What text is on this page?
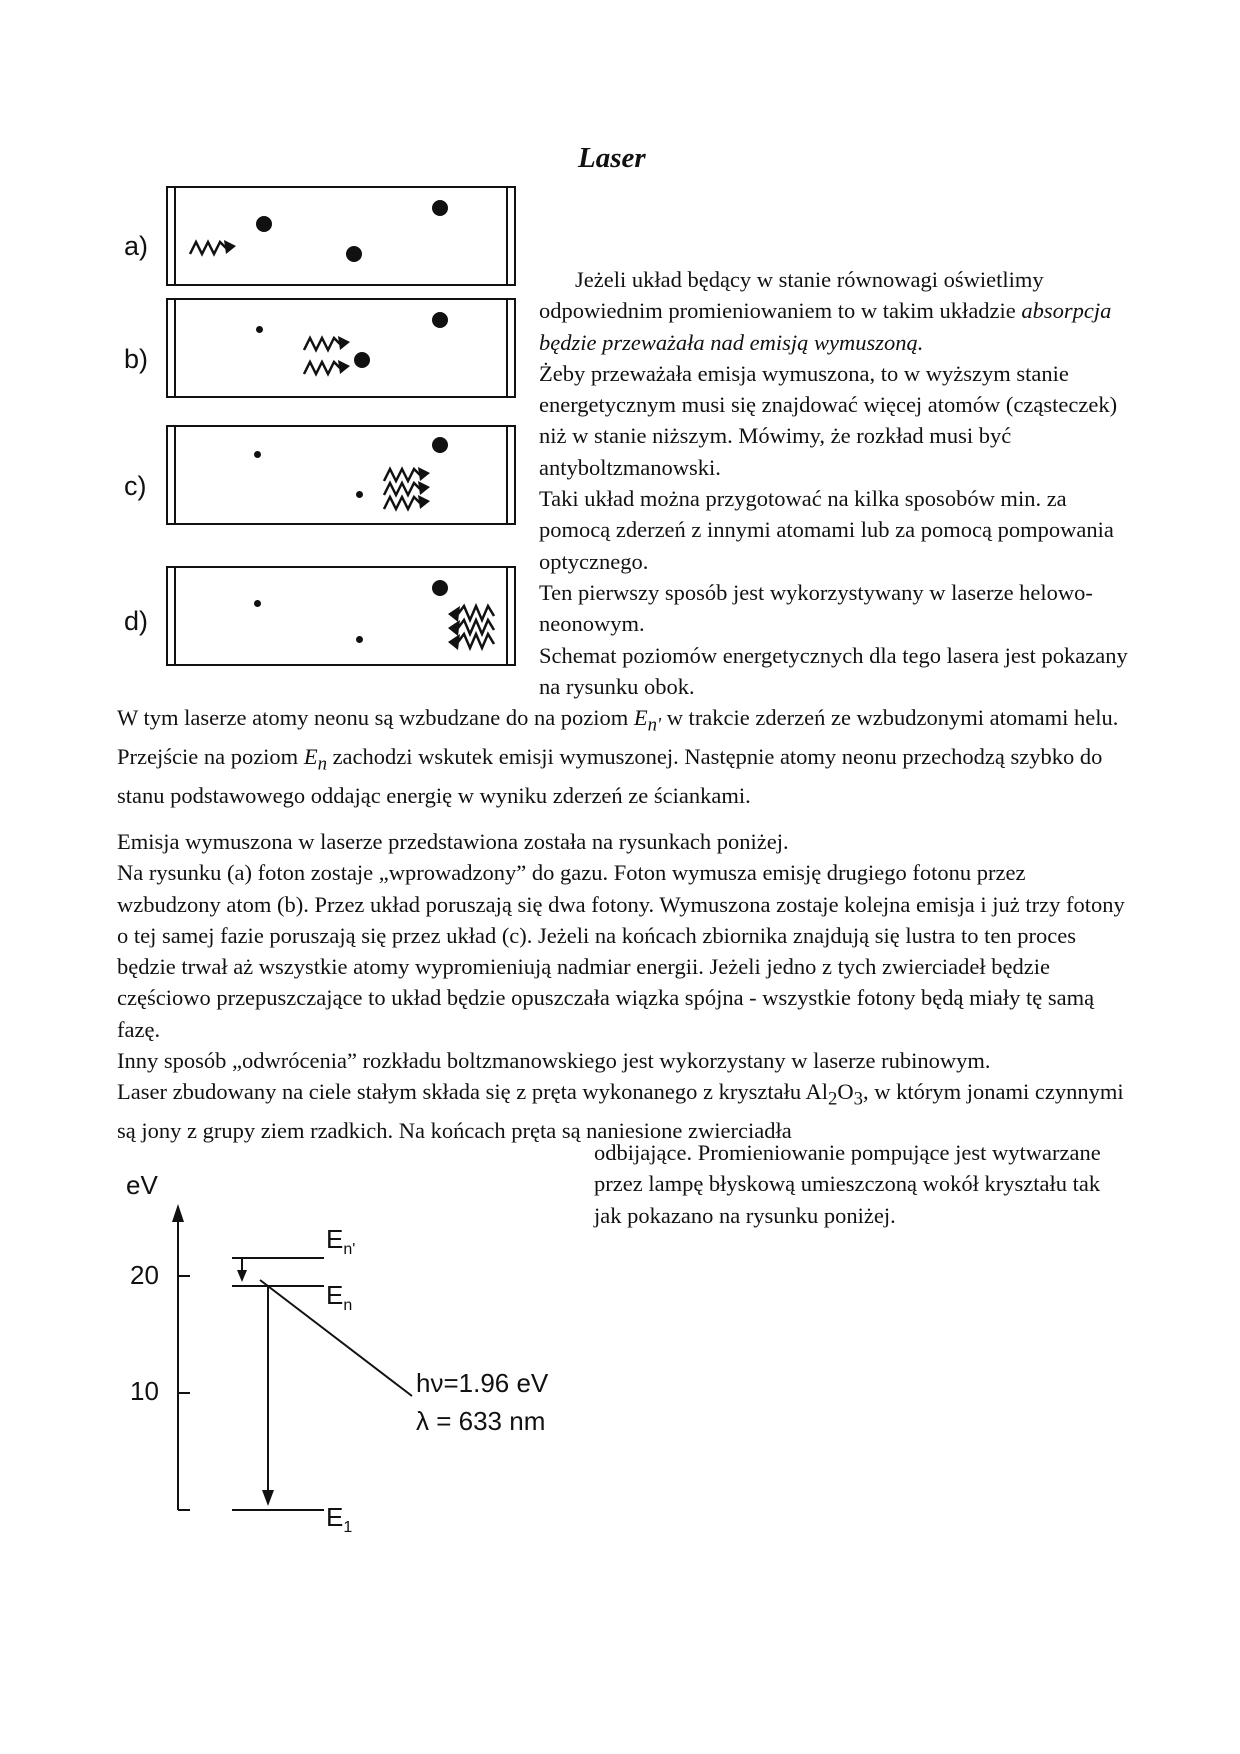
Laser
a)
b)
c)
d)
Jeżeli układ będący w stanie równowagi oświetlimy odpowiednim promieniowaniem to w takim układzie absorpcja będzie przeważała nad emisją wymuszoną.
Żeby przeważała emisja wymuszona, to w wyższym stanie energetycznym musi się znajdować więcej atomów (cząsteczek) niż w stanie niższym. Mówimy, że rozkład musi być antyboltzmanowski.
Taki układ można przygotować na kilka sposobów min. za pomocą zderzeń z innymi atomami lub za pomocą pompowania optycznego.
Ten pierwszy sposób jest wykorzystywany w laserze helowo-neonowym.
Schemat poziomów energetycznych dla tego lasera jest pokazany na rysunku obok.
W tym laserze atomy neonu są wzbudzane do na poziom $E_{n'}$ w trakcie zderzeń ze wzbudzonymi atomami helu. Przejście na poziom $E_n$ zachodzi wskutek emisji wymuszonej. Następnie atomy neonu przechodzą szybko do stanu podstawowego oddając energię w wyniku zderzeń ze ściankami.
Emisja wymuszona w laserze przedstawiona została na rysunkach poniżej.
Na rysunku (a) foton zostaje „wprowadzony” do gazu. Foton wymusza emisję drugiego fotonu przez wzbudzony atom (b). Przez układ poruszają się dwa fotony. Wymuszona zostaje kolejna emisja i już trzy fotony o tej samej fazie poruszają się przez układ (c). Jeżeli na końcach zbiornika znajdują się lustra to ten proces będzie trwał aż wszystkie atomy wypromieniują nadmiar energii. Jeżeli jedno z tych zwierciadeł będzie częściowo przepuszczające to układ będzie opuszczała wiązka spójna - wszystkie fotony będą miały tę samą fazę.
Inny sposób „odwrócenia” rozkładu boltzmanowskiego jest wykorzystany w laserze rubinowym.
Laser zbudowany na ciele stałym składa się z pręta wykonanego z kryształu $Al_2O_3$, w którym jonami czynnymi są jony z grupy ziem rzadkich. Na końcach pręta są naniesione zwierciadła
odbijające. Promieniowanie pompujące jest wytwarzane przez lampę błyskową umieszczoną wokół kryształu tak jak pokazano na rysunku poniżej.
eV
20
10
$E_{n'}$
$E_n$
$E_1$
hν=1.96 eV
λ = 633 nm
